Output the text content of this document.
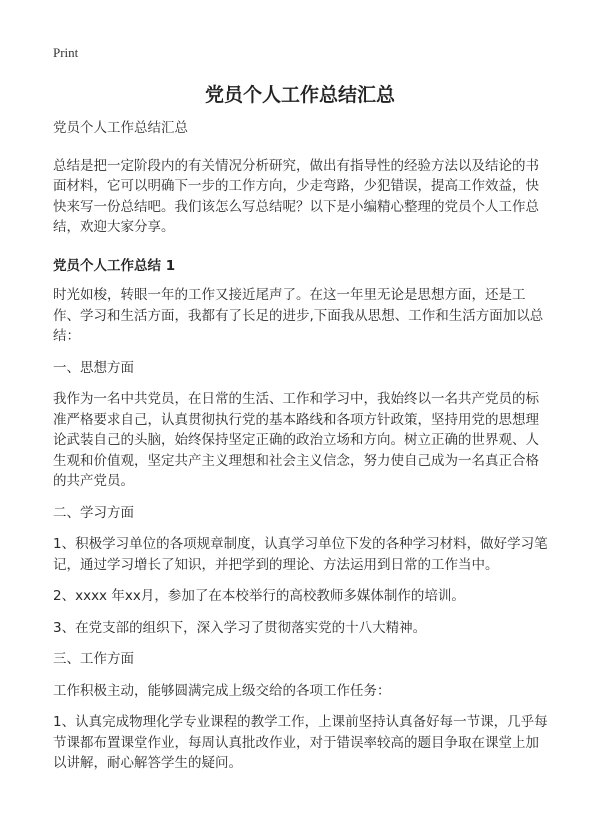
Print
党员个人工作总结汇总

党员个人工作总结汇总

总结是把一定阶段内的有关情况分析研究，做出有指导性的经验方法以及结论的书面材料，它可以明确下一步的工作方向，少走弯路，少犯错误，提高工作效益，快快来写一份总结吧。我们该怎么写总结呢？以下是小编精心整理的党员个人工作总结，欢迎大家分享。

党员个人工作总结 1

时光如梭，转眼一年的工作又接近尾声了。在这一年里无论是思想方面，还是工作、学习和生活方面，我都有了长足的进步,下面我从思想、工作和生活方面加以总结：

一、思想方面

我作为一名中共党员，在日常的生活、工作和学习中，我始终以一名共产党员的标准严格要求自己，认真贯彻执行党的基本路线和各项方针政策，坚持用党的思想理论武装自己的头脑，始终保持坚定正确的政治立场和方向。树立正确的世界观、人生观和价值观，坚定共产主义理想和社会主义信念，努力使自己成为一名真正合格的共产党员。

二、学习方面

1、积极学习单位的各项规章制度，认真学习单位下发的各种学习材料，做好学习笔记，通过学习增长了知识，并把学到的理论、方法运用到日常的工作当中。

2、xxxx 年xx月，参加了在本校举行的高校教师多媒体制作的培训。

3、在党支部的组织下，深入学习了贯彻落实党的十八大精神。

三、工作方面

工作积极主动，能够圆满完成上级交给的各项工作任务：

1、认真完成物理化学专业课程的教学工作，上课前坚持认真备好每一节课，几乎每节课都布置课堂作业，每周认真批改作业，对于错误率较高的题目争取在课堂上加以讲解，耐心解答学生的疑问。
